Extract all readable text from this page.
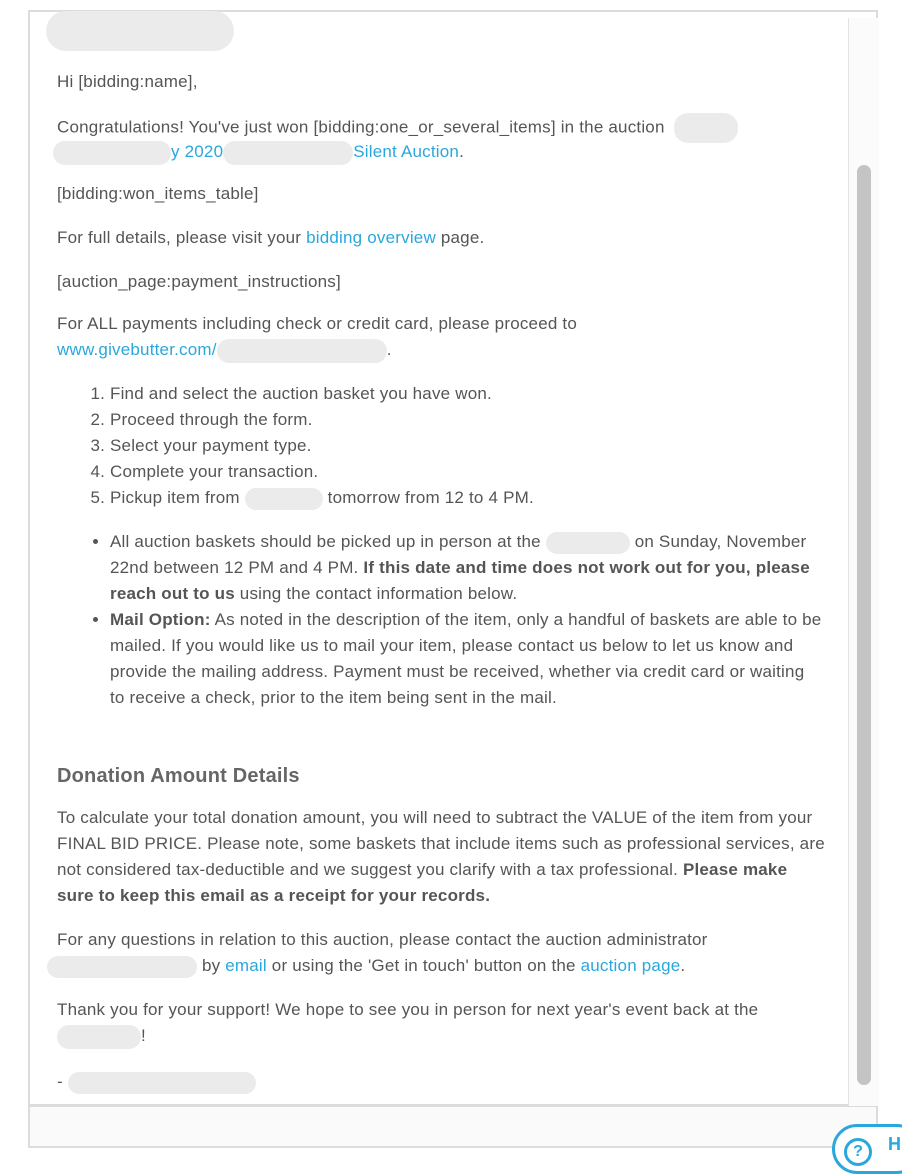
Hi [bidding:name],

Congratulations! You've just won [bidding:one_or_several_items] in the auction
y 2020	Silent Auction.

[bidding:won_items_table]

For full details, please visit your bidding overview page.

[auction_page:payment_instructions]

For ALL payments including check or credit card, please proceed to

www.givebutter.com/	.
1. Find and select the auction basket you have won.
2. Proceed through the form.
3. Select your payment type.
4. Complete your transaction.
5. Pickup item from	tomorrow from 12 to 4 PM.
• All auction baskets should be picked up in person at the	on Sunday, November 22nd between 12 PM and 4 PM. If this date and time does not work out for you, please reach out to us using the contact information below.
• Mail Option: As noted in the description of the item, only a handful of baskets are able to be mailed. If you would like us to mail your item, please contact us below to let us know and provide the mailing address. Payment must be received, whether via credit card or waiting to receive a check, prior to the item being sent in the mail.
Donation Amount Details

To calculate your total donation amount, you will need to subtract the VALUE of the item from your FINAL BID PRICE. Please note, some baskets that include items such as professional services, are not considered tax-deductible and we suggest you clarify with a tax professional. Please make sure to keep this email as a receipt for your records.

For any questions in relation to this auction, please contact the auction administrator

by email or using the 'Get in touch' button on the auction page.

Thank you for your support! We hope to see you in person for next year's event back at the !

-
?	H
